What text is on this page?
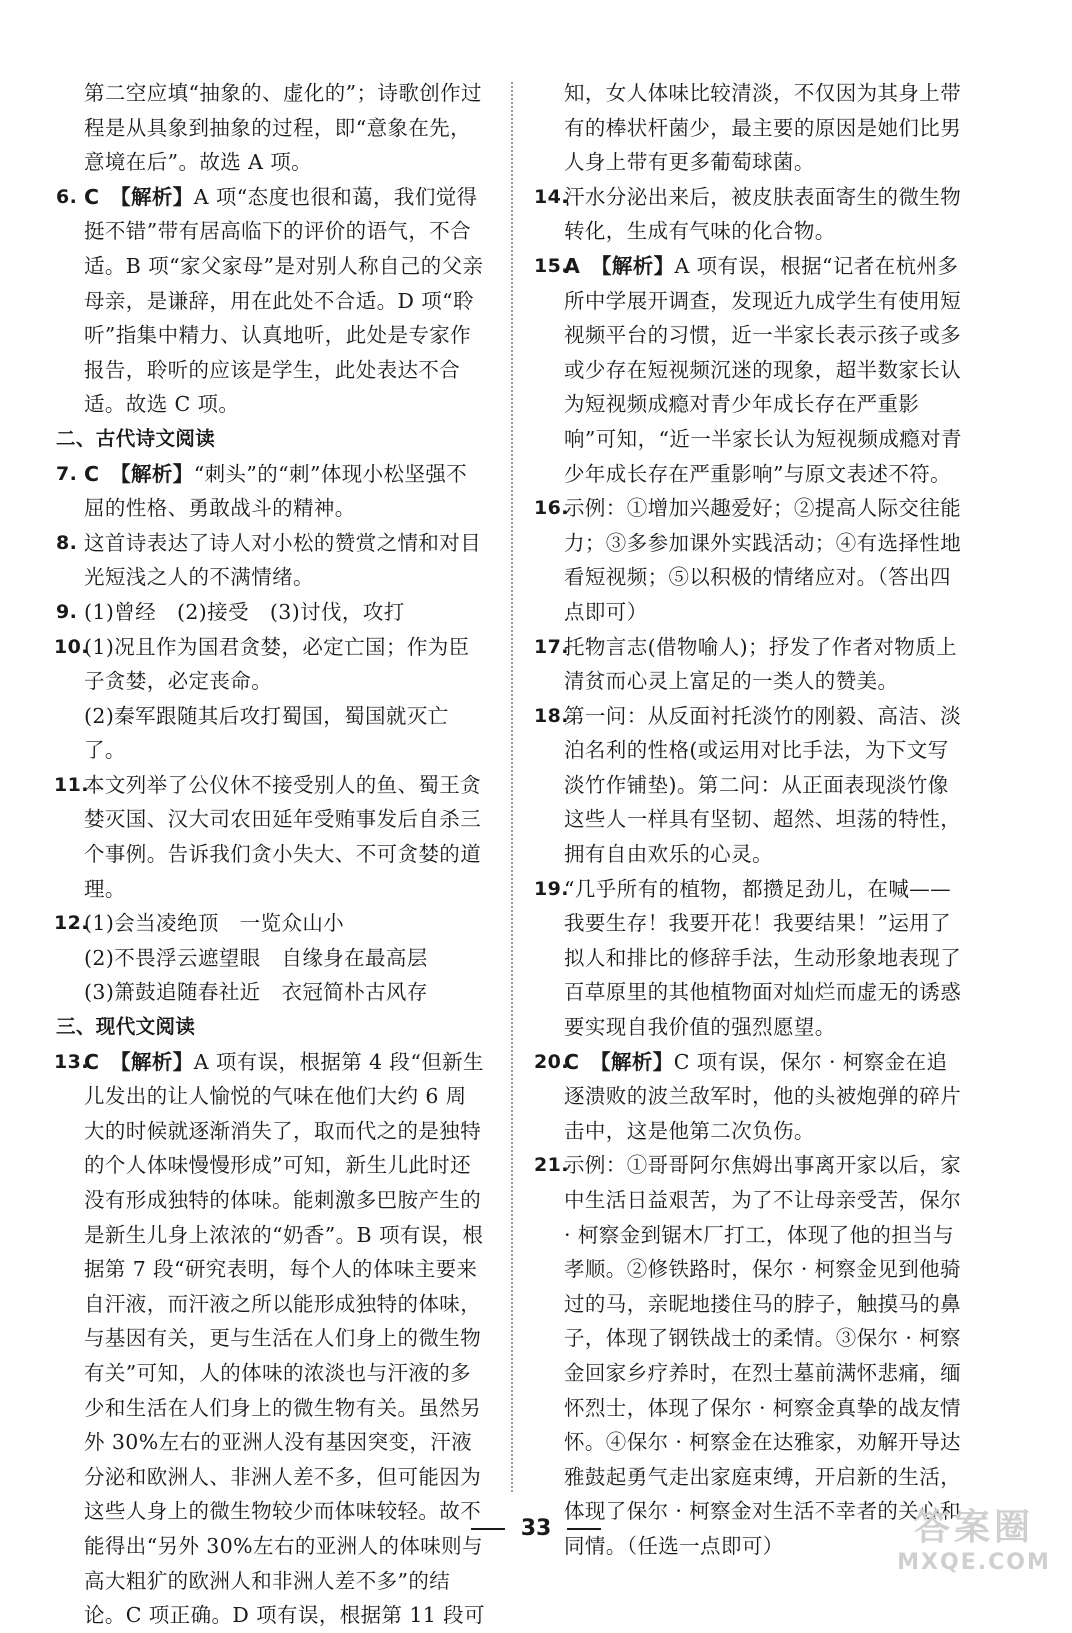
第二空应填“抽象的、虚化的”；诗歌创作过程是从具象到抽象的过程，即“意象在先，意境在后”。故选 A 项。

6. C　 【解析】A 项“态度也很和蔼，我们觉得挺不错”带有居高临下的评价的语气，不合适。B 项“家父家母”是对别人称自己的父亲母亲，是谦辞，用在此处不合适。D 项“聆听”指集中精力、认真地听，此处是专家作报告，聆听的应该是学生，此处表达不合适。故选 C 项。

二、古代诗文阅读

7. C　 【解析】“刺头”的“刺”体现小松坚强不屈的性格、勇敢战斗的精神。

8. 这首诗表达了诗人对小松的赞赏之情和对目光短浅之人的不满情绪。

9. (1)曾经　(2)接受　(3)讨伐，攻打

10.
(1)况且作为国君贪婪，必定亡国；作为臣子贪婪，必定丧命。
(2)秦军跟随其后攻打蜀国，蜀国就灭亡了。

11.
本文列举了公仪休不接受别人的鱼、蜀王贪婪灭国、汉大司农田延年受贿事发后自杀三个事例。告诉我们贪小失大、不可贪婪的道理。

12.
(1)会当凌绝顶　一览众山小
(2)不畏浮云遮望眼　自缘身在最高层
(3)箫鼓追随春社近　衣冠简朴古风存

三、现代文阅读

13.
C　 【解析】A 项有误，根据第 4 段“但新生儿发出的让人愉悦的气味在他们大约 6 周大的时候就逐渐消失了，取而代之的是独特的个人体味慢慢形成”可知，新生儿此时还没有形成独特的体味。能刺激多巴胺产生的是新生儿身上浓浓的“奶香”。B 项有误，根据第 7 段“研究表明，每个人的体味主要来自汗液，而汗液之所以能形成独特的体味，与基因有关，更与生活在人们身上的微生物有关”可知，人的体味的浓淡也与汗液的多少和生活在人们身上的微生物有关。虽然另外 30%左右的亚洲人没有基因突变，汗液分泌和欧洲人、非洲人差不多，但可能因为这些人身上的微生物较少而体味较轻。故不能得出“另外 30%左右的亚洲人的体味则与高大粗犷的欧洲人和非洲人差不多”的结论。C 项正确。D 项有误，根据第 11 段可

知，女人体味比较清淡，不仅因为其身上带有的棒状杆菌少，最主要的原因是她们比男人身上带有更多葡萄球菌。

14.
汗水分泌出来后，被皮肤表面寄生的微生物转化，生成有气味的化合物。

15.
A　 【解析】A 项有误，根据“记者在杭州多所中学展开调查，发现近九成学生有使用短视频平台的习惯，近一半家长表示孩子或多或少存在短视频沉迷的现象，超半数家长认为短视频成瘾对青少年成长存在严重影响”可知，“近一半家长认为短视频成瘾对青少年成长存在严重影响”与原文表述不符。

16.
示例：①增加兴趣爱好；②提高人际交往能力；③多参加课外实践活动；④有选择性地看短视频；⑤以积极的情绪应对。（答出四点即可）

17.
托物言志(借物喻人)；抒发了作者对物质上清贫而心灵上富足的一类人的赞美。

18.
第一问：从反面衬托淡竹的刚毅、高洁、淡泊名利的性格(或运用对比手法，为下文写淡竹作铺垫)。第二问：从正面表现淡竹像这些人一样具有坚韧、超然、坦荡的特性，拥有自由欢乐的心灵。

19.
“几乎所有的植物，都攒足劲儿，在喊——我要生存！我要开花！我要结果！”运用了拟人和排比的修辞手法，生动形象地表现了百草原里的其他植物面对灿烂而虚无的诱惑要实现自我价值的强烈愿望。

20.
C　 【解析】C 项有误，保尔 · 柯察金在追逐溃败的波兰敌军时，他的头被炮弹的碎片击中，这是他第二次负伤。

21.
示例：①哥哥阿尔焦姆出事离开家以后，家中生活日益艰苦，为了不让母亲受苦，保尔 · 柯察金到锯木厂打工，体现了他的担当与孝顺。②修铁路时，保尔 · 柯察金见到他骑过的马，亲昵地搂住马的脖子，触摸马的鼻子，体现了钢铁战士的柔情。③保尔 · 柯察金回家乡疗养时，在烈士墓前满怀悲痛，缅怀烈士，体现了保尔 · 柯察金真挚的战友情怀。④保尔 · 柯察金在达雅家，劝解开导达雅鼓起勇气走出家庭束缚，开启新的生活，体现了保尔 · 柯察金对生活不幸者的关心和同情。（任选一点即可）

33	答案圈
MXQE.COM
